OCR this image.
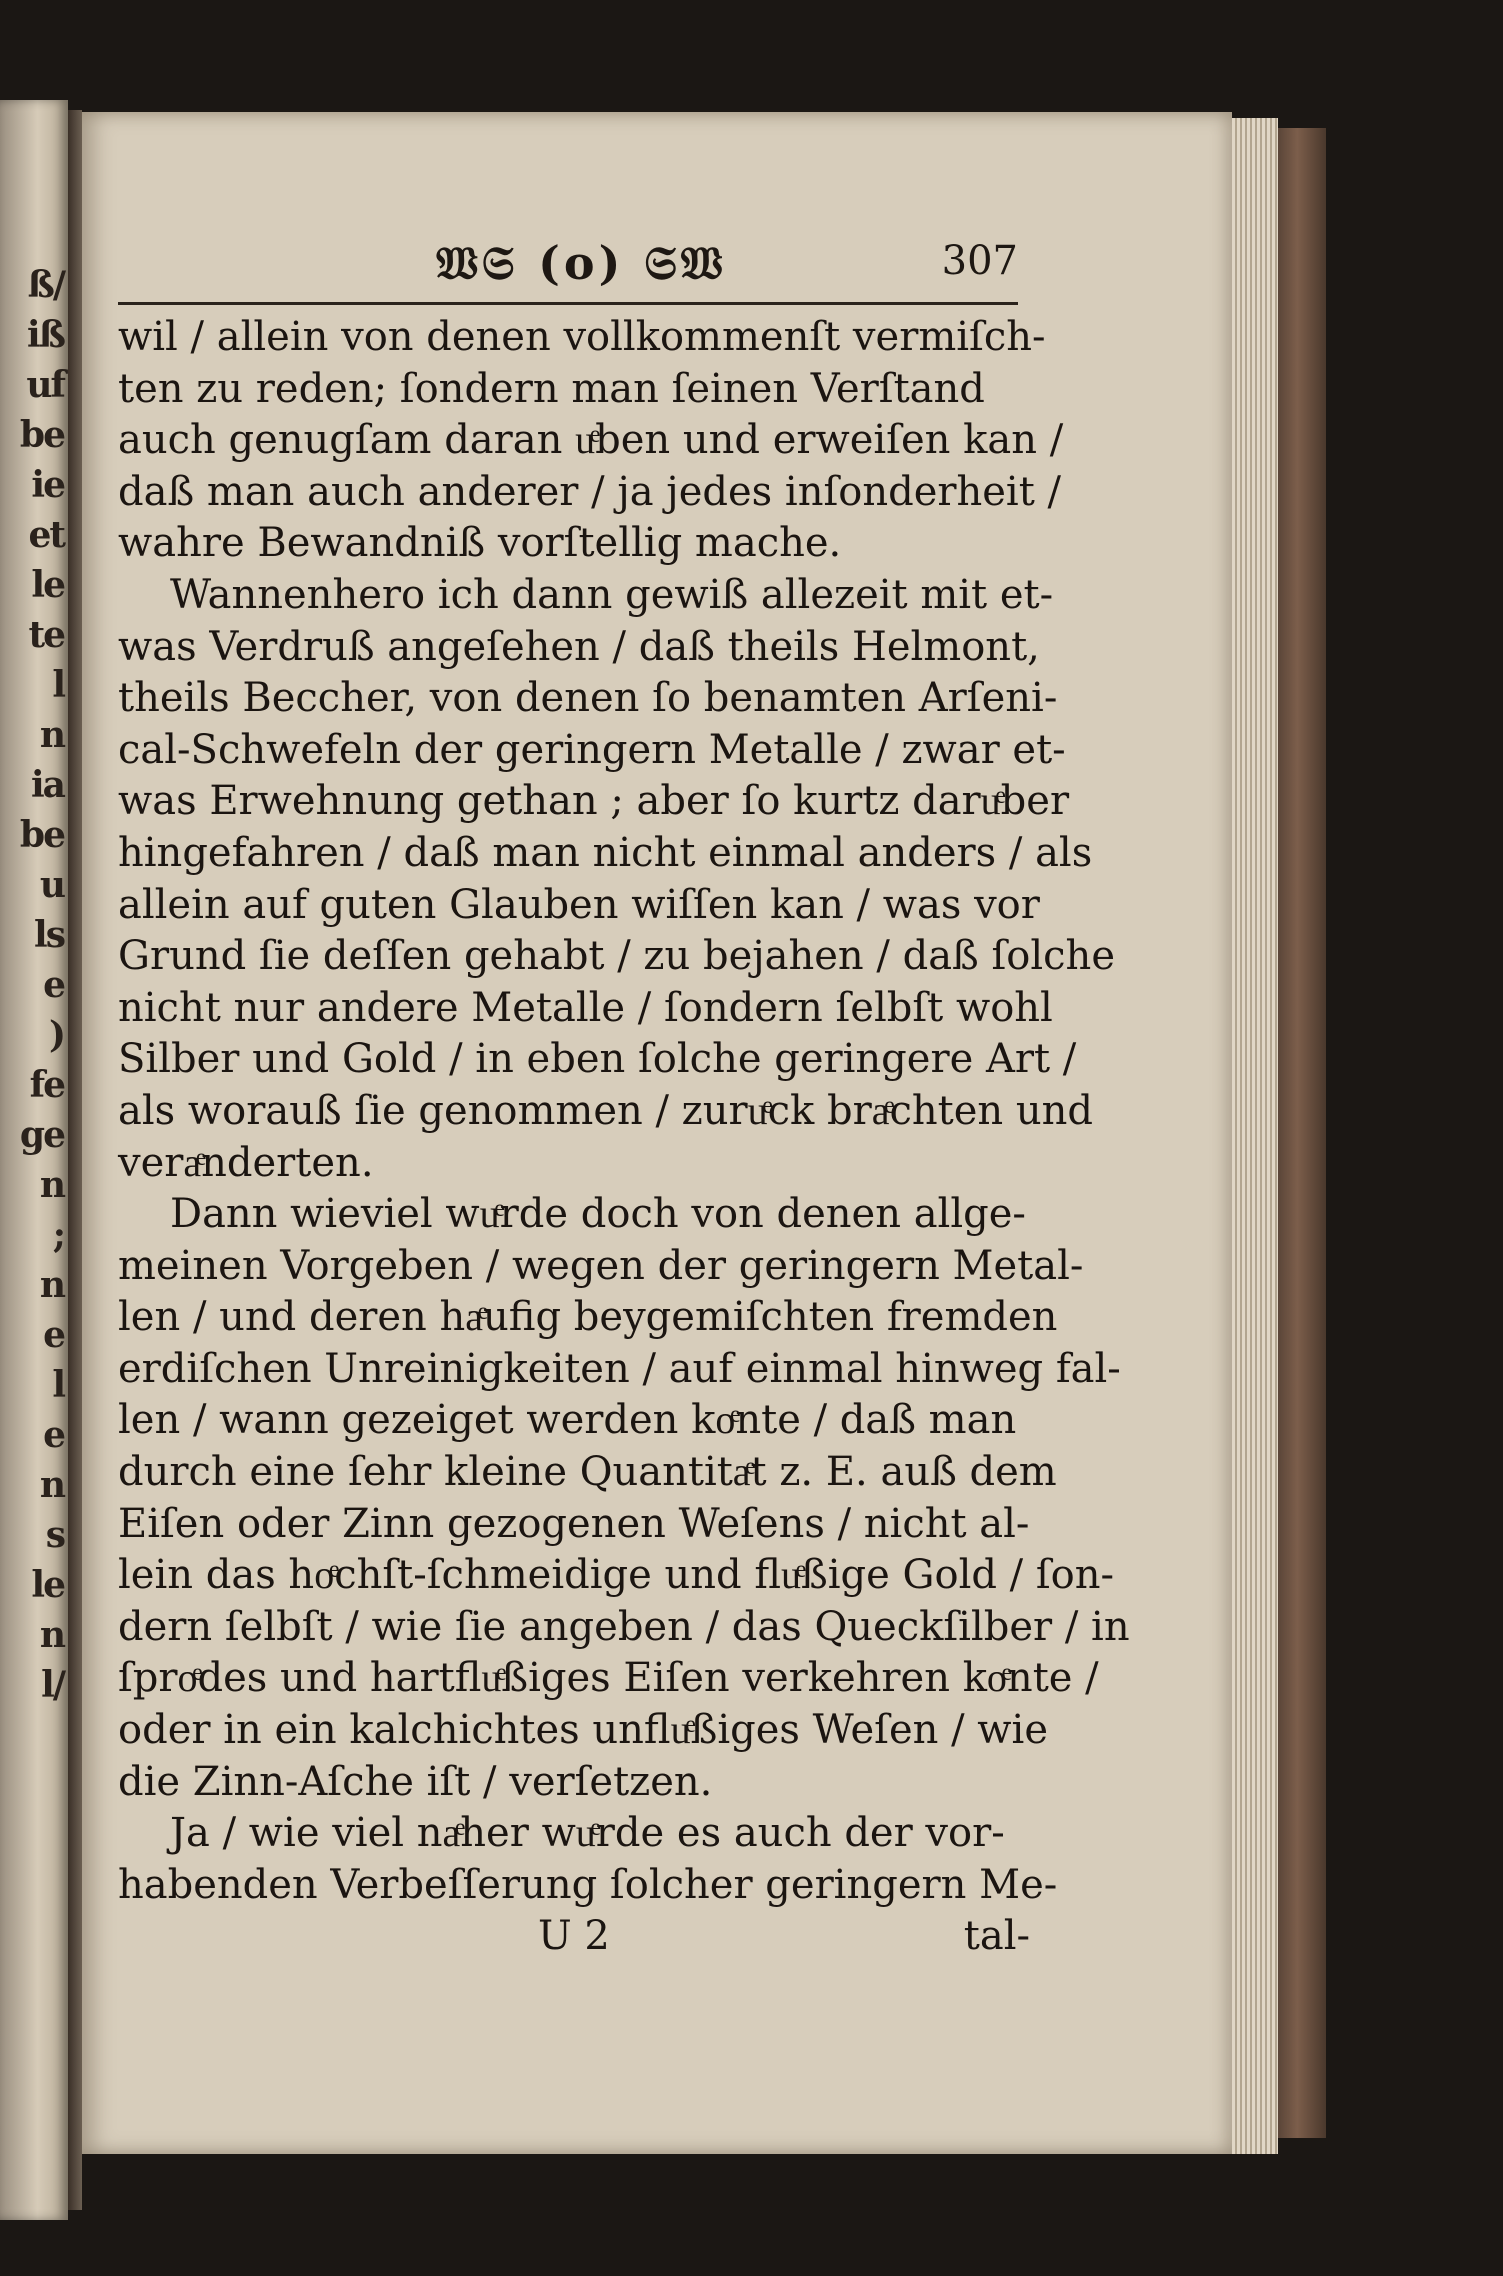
ß/
iß
uf
be
ie
et
le
te
l
n
ia
be
u
ls
e
)
fe
ge
n
;
n
e
l
e
n
s
le
n
l/
𝔚𝔖 (o) 𝔖𝔚	307
wil / allein von denen vollkommenſt vermiſch-
ten zu reden; ſondern man ſeinen Verſtand
auch genugſam daran uͤben und erweiſen kan /
daß man auch anderer / ja jedes inſonderheit /
wahre Bewandniß vorſtellig mache.
Wannenhero ich dann gewiß allezeit mit et-
was Verdruß angeſehen / daß theils Helmont,
theils Beccher, von denen ſo benamten Arſeni-
cal-Schwefeln der geringern Metalle / zwar et-
was Erwehnung gethan ; aber ſo kurtz daruͤber
hingefahren / daß man nicht einmal anders / als
allein auf guten Glauben wiſſen kan / was vor
Grund ſie deſſen gehabt / zu bejahen / daß ſolche
nicht nur andere Metalle / ſondern ſelbſt wohl
Silber und Gold / in eben ſolche geringere Art /
als worauß ſie genommen / zuruͤck braͤchten und
veraͤnderten.
Dann wieviel wuͤrde doch von denen allge-
meinen Vorgeben / wegen der geringern Metal-
len / und deren haͤufig beygemiſchten fremden
erdiſchen Unreinigkeiten / auf einmal hinweg fal-
len / wann gezeiget werden koͤnte / daß man
durch eine ſehr kleine Quantitaͤt z. E. auß dem
Eiſen oder Zinn gezogenen Weſens / nicht al-
lein das hoͤchſt-ſchmeidige und fluͤßige Gold / ſon-
dern ſelbſt / wie ſie angeben / das Queckſilber / in
ſproͤdes und hartfluͤßiges Eiſen verkehren koͤnte /
oder in ein kalchichtes unfluͤßiges Weſen / wie
die Zinn-Aſche iſt / verſetzen.
Ja / wie viel naͤher wuͤrde es auch der vor-
habenden Verbeſſerung ſolcher geringern Me-
U 2	tal-
